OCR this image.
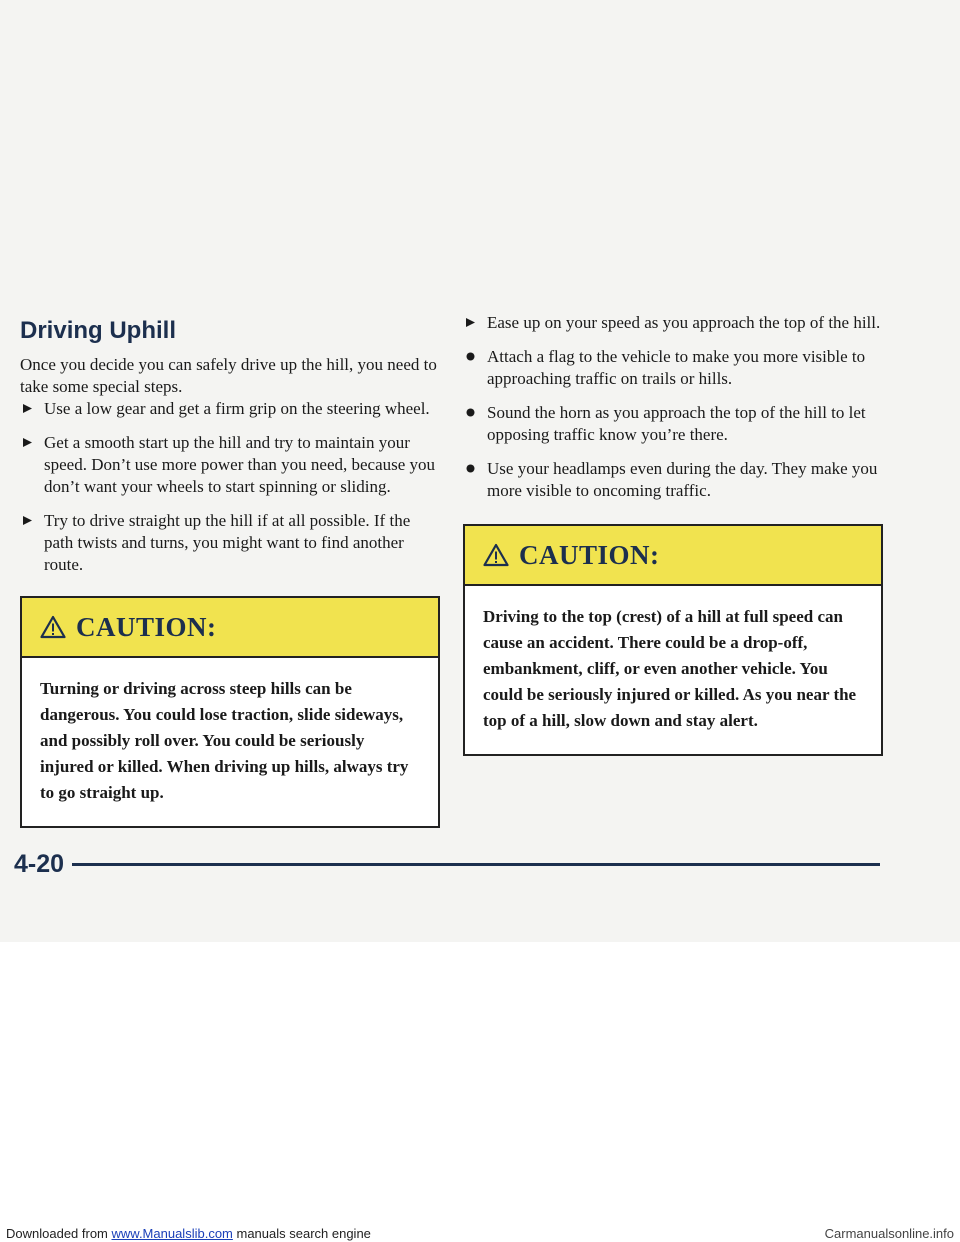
Driving Uphill

Once you decide you can safely drive up the hill, you need to take some special steps.

Use a low gear and get a firm grip on the steering wheel.
Get a smooth start up the hill and try to maintain your speed. Don’t use more power than you need, because you don’t want your wheels to start spinning or sliding.
Try to drive straight up the hill if at all possible. If the path twists and turns, you might want to find another route.
CAUTION:
Turning or driving across steep hills can be dangerous. You could lose traction, slide sideways, and possibly roll over. You could be seriously injured or killed. When driving up hills, always try to go straight up.
Ease up on your speed as you approach the top of the hill.
Attach a flag to the vehicle to make you more visible to approaching traffic on trails or hills.
Sound the horn as you approach the top of the hill to let opposing traffic know you’re there.
Use your headlamps even during the day. They make you more visible to oncoming traffic.
CAUTION:
Driving to the top (crest) of a hill at full speed can cause an accident. There could be a drop-off, embankment, cliff, or even another vehicle. You could be seriously injured or killed. As you near the top of a hill, slow down and stay alert.
4-20
Downloaded from www.Manualslib.com manuals search engine	Carmanualsonline.info
